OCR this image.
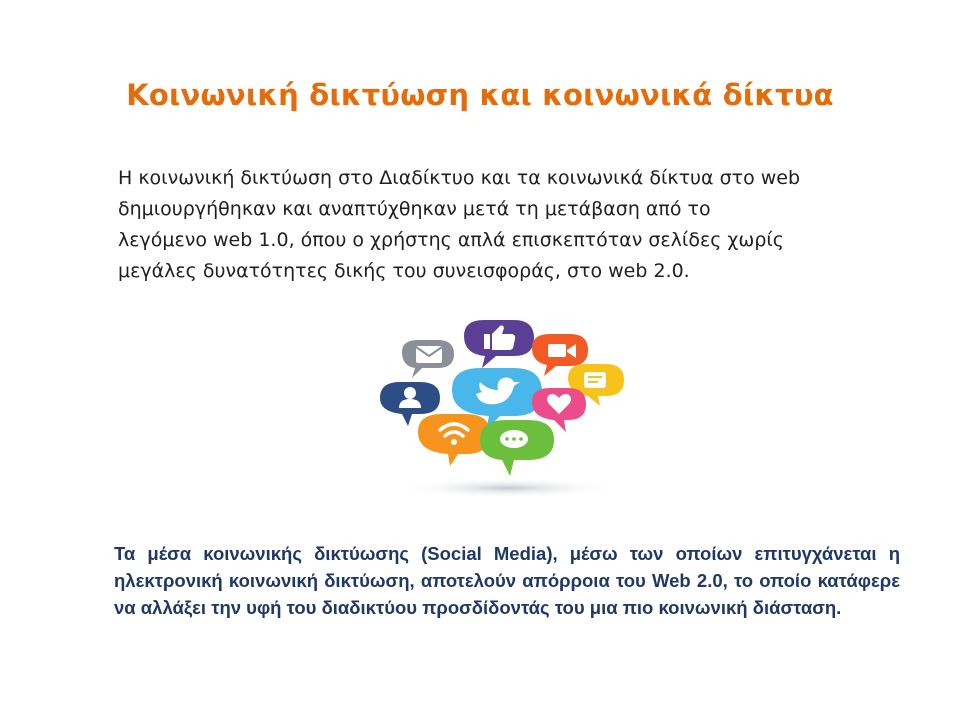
Κοινωνική δικτύωση και κοινωνικά δίκτυα
Η κοινωνική δικτύωση στο Διαδίκτυο και τα κοινωνικά δίκτυα στο web
δημιουργήθηκαν και αναπτύχθηκαν μετά τη μετάβαση από το
λεγόμενο web 1.0, όπου ο χρήστης απλά επισκεπτόταν σελίδες χωρίς
μεγάλες δυνατότητες δικής του συνεισφοράς, στο web 2.0.
Τα μέσα κοινωνικής δικτύωσης (Social Media), μέσω των οποίων επιτυγχάνεται η ηλεκτρονική κοινωνική δικτύωση, αποτελούν απόρροια του Web 2.0, το οποίο κατάφερε να αλλάξει την υφή του διαδικτύου προσδίδοντάς του μια πιο κοινωνική διάσταση.
